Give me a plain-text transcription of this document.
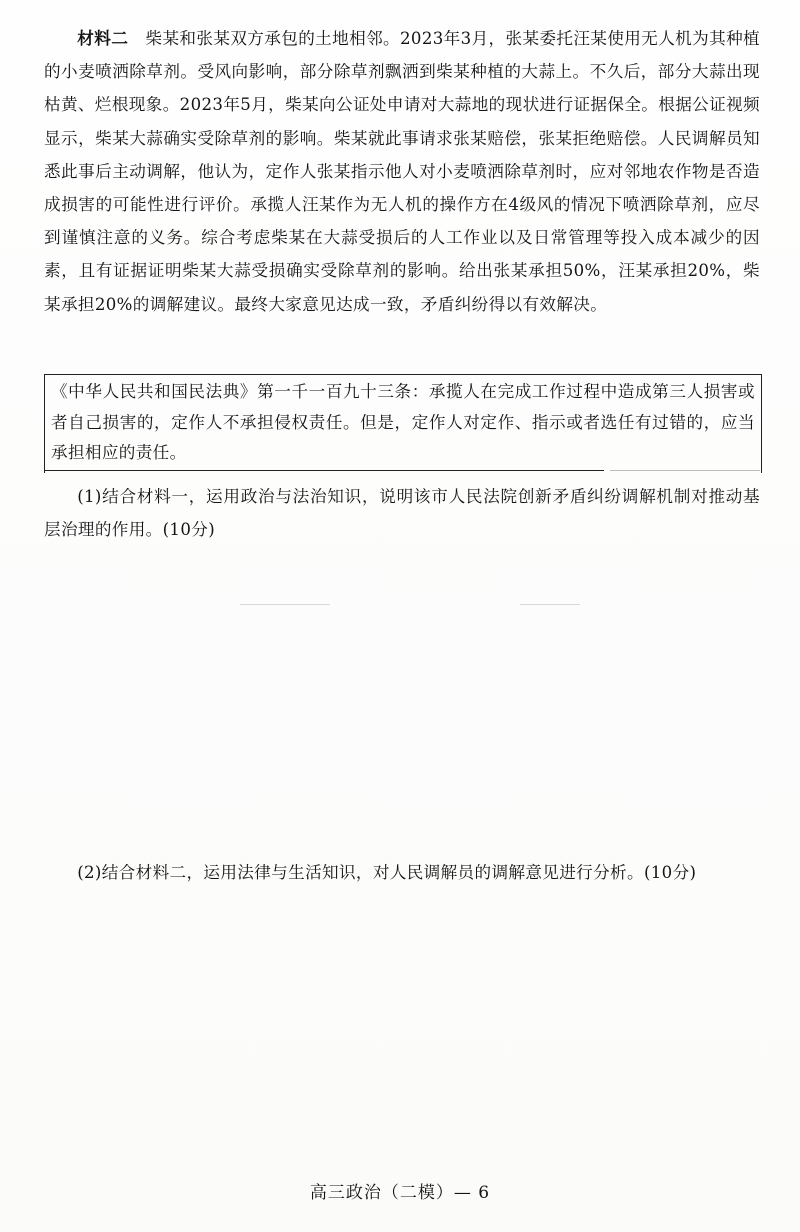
材料二 柴某和张某双方承包的土地相邻。2023年3月，张某委托汪某使用无人机为其种植的小麦喷洒除草剂。受风向影响，部分除草剂飘洒到柴某种植的大蒜上。不久后，部分大蒜出现枯黄、烂根现象。2023年5月，柴某向公证处申请对大蒜地的现状进行证据保全。根据公证视频显示，柴某大蒜确实受除草剂的影响。柴某就此事请求张某赔偿，张某拒绝赔偿。人民调解员知悉此事后主动调解，他认为，定作人张某指示他人对小麦喷洒除草剂时，应对邻地农作物是否造成损害的可能性进行评价。承揽人汪某作为无人机的操作方在4级风的情况下喷洒除草剂，应尽到谨慎注意的义务。综合考虑柴某在大蒜受损后的人工作业以及日常管理等投入成本减少的因素，且有证据证明柴某大蒜受损确实受除草剂的影响。给出张某承担50%，汪某承担20%，柴某承担20%的调解建议。最终大家意见达成一致，矛盾纠纷得以有效解决。
《中华人民共和国民法典》第一千一百九十三条：承揽人在完成工作过程中造成第三人损害或者自己损害的，定作人不承担侵权责任。但是，定作人对定作、指示或者选任有过错的，应当承担相应的责任。
(1)结合材料一，运用政治与法治知识，说明该市人民法院创新矛盾纠纷调解机制对推动基层治理的作用。(10分)
(2)结合材料二，运用法律与生活知识，对人民调解员的调解意见进行分析。(10分)
高三政治（二模）— 6
